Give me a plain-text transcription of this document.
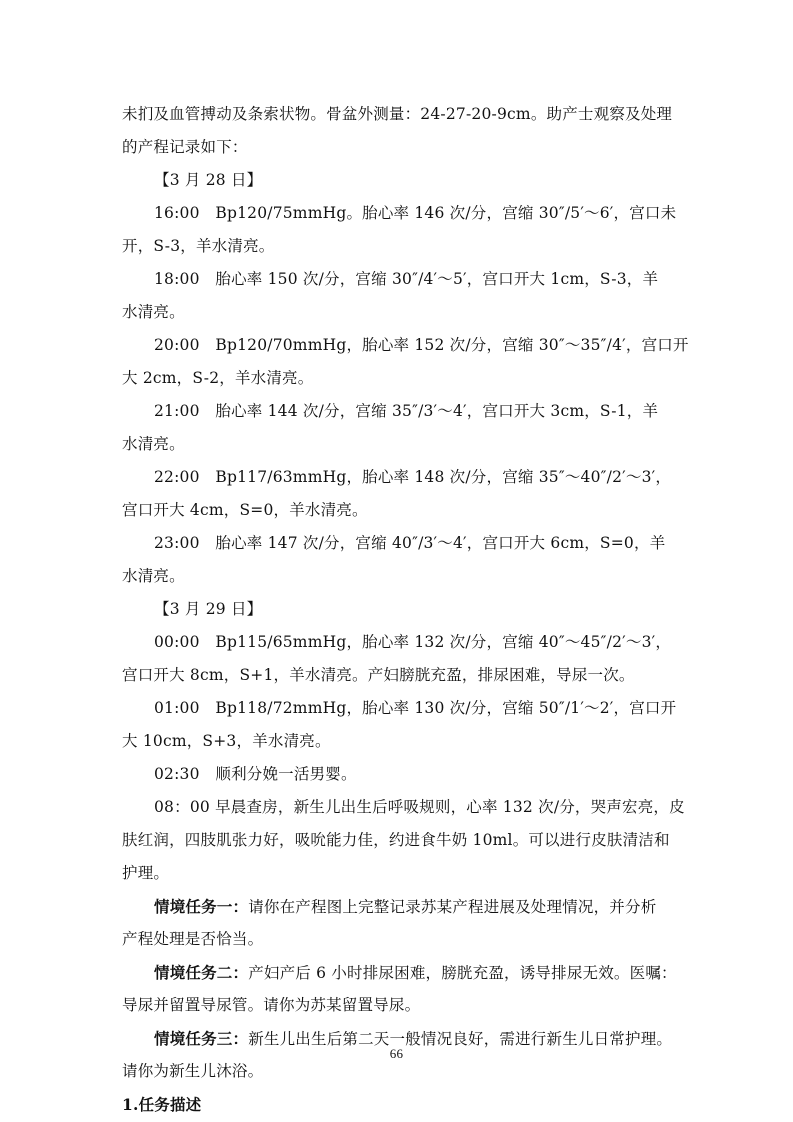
未扪及血管搏动及条索状物。骨盆外测量：24-27-20-9cm。助产士观察及处理
的产程记录如下：
【3 月 28 日】
16:00　Bp120/75mmHg。胎心率 146 次/分，宫缩 30″/5′～6′，宫口未
开，S-3，羊水清亮。
18:00　胎心率 150 次/分，宫缩 30″/4′～5′，宫口开大 1cm，S-3，羊
水清亮。
20:00　Bp120/70mmHg，胎心率 152 次/分，宫缩 30″～35″/4′，宫口开
大 2cm，S-2，羊水清亮。
21:00　胎心率 144 次/分，宫缩 35″/3′～4′，宫口开大 3cm，S-1，羊
水清亮。
22:00　Bp117/63mmHg，胎心率 148 次/分，宫缩 35″～40″/2′～3′，
宫口开大 4cm，S=0，羊水清亮。
23:00　胎心率 147 次/分，宫缩 40″/3′～4′，宫口开大 6cm，S=0，羊
水清亮。
【3 月 29 日】
00:00　Bp115/65mmHg，胎心率 132 次/分，宫缩 40″～45″/2′～3′，
宫口开大 8cm，S+1，羊水清亮。产妇膀胱充盈，排尿困难，导尿一次。
01:00　Bp118/72mmHg，胎心率 130 次/分，宫缩 50″/1′～2′，宫口开
大 10cm，S+3，羊水清亮。
02:30　顺利分娩一活男婴。
08：00 早晨查房，新生儿出生后呼吸规则，心率 132 次/分，哭声宏亮，皮
肤红润，四肢肌张力好，吸吮能力佳，约进食牛奶 10ml。可以进行皮肤清洁和
护理。
情境任务一：请你在产程图上完整记录苏某产程进展及处理情况，并分析
产程处理是否恰当。
情境任务二：产妇产后 6 小时排尿困难，膀胱充盈，诱导排尿无效。医嘱：
导尿并留置导尿管。请你为苏某留置导尿。
情境任务三：新生儿出生后第二天一般情况良好，需进行新生儿日常护理。
请你为新生儿沐浴。
1.任务描述
66
